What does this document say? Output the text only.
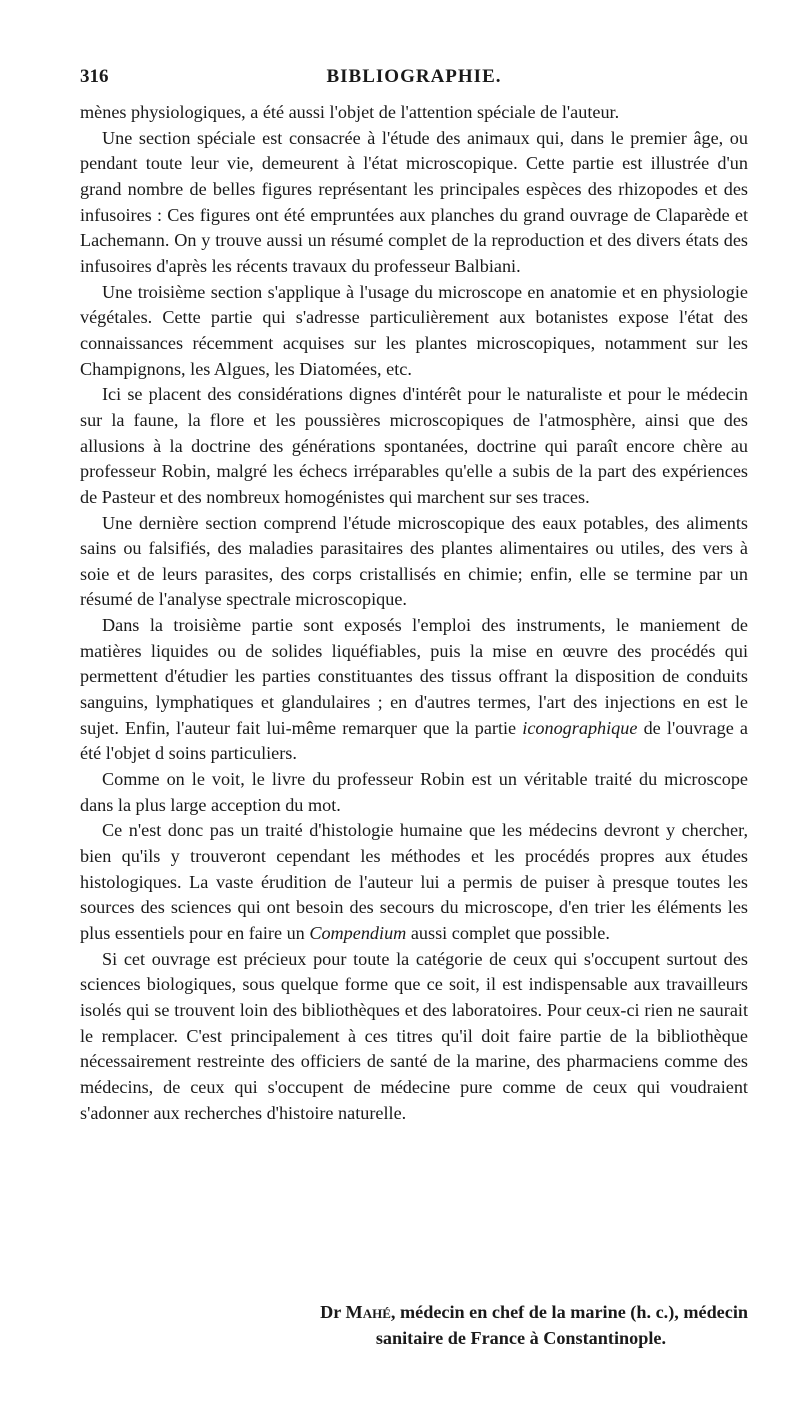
316	BIBLIOGRAPHIE.

mènes physiologiques, a été aussi l'objet de l'attention spéciale de l'auteur.

Une section spéciale est consacrée à l'étude des animaux qui, dans le premier âge, ou pendant toute leur vie, demeurent à l'état microscopique. Cette partie est illustrée d'un grand nombre de belles figures représentant les principales espèces des rhizopodes et des infusoires : Ces figures ont été empruntées aux planches du grand ouvrage de Claparède et Lachemann. On y trouve aussi un résumé complet de la reproduction et des divers états des infusoires d'après les récents travaux du professeur Balbiani.

Une troisième section s'applique à l'usage du microscope en anatomie et en physiologie végétales. Cette partie qui s'adresse particulièrement aux botanistes expose l'état des connaissances récemment acquises sur les plantes microscopiques, notamment sur les Champignons, les Algues, les Diatomées, etc.

Ici se placent des considérations dignes d'intérêt pour le naturaliste et pour le médecin sur la faune, la flore et les poussières microscopiques de l'atmosphère, ainsi que des allusions à la doctrine des générations spontanées, doctrine qui paraît encore chère au professeur Robin, malgré les échecs irréparables qu'elle a subis de la part des expériences de Pasteur et des nombreux homogénistes qui marchent sur ses traces.

Une dernière section comprend l'étude microscopique des eaux potables, des aliments sains ou falsifiés, des maladies parasitaires des plantes alimentaires ou utiles, des vers à soie et de leurs parasites, des corps cristallisés en chimie; enfin, elle se termine par un résumé de l'analyse spectrale microscopique.

Dans la troisième partie sont exposés l'emploi des instruments, le maniement de matières liquides ou de solides liquéfiables, puis la mise en œuvre des procédés qui permettent d'étudier les parties constituantes des tissus offrant la disposition de conduits sanguins, lymphatiques et glandulaires ; en d'autres termes, l'art des injections en est le sujet. Enfin, l'auteur fait lui-même remarquer que la partie iconographique de l'ouvrage a été l'objet d soins particuliers.

Comme on le voit, le livre du professeur Robin est un véritable traité du microscope dans la plus large acception du mot.

Ce n'est donc pas un traité d'histologie humaine que les médecins devront y chercher, bien qu'ils y trouveront cependant les méthodes et les procédés propres aux études histologiques. La vaste érudition de l'auteur lui a permis de puiser à presque toutes les sources des sciences qui ont besoin des secours du microscope, d'en trier les éléments les plus essentiels pour en faire un Compendium aussi complet que possible.

Si cet ouvrage est précieux pour toute la catégorie de ceux qui s'occupent surtout des sciences biologiques, sous quelque forme que ce soit, il est indispensable aux travailleurs isolés qui se trouvent loin des bibliothèques et des laboratoires. Pour ceux-ci rien ne saurait le remplacer. C'est principalement à ces titres qu'il doit faire partie de la bibliothèque nécessairement restreinte des officiers de santé de la marine, des pharmaciens comme des médecins, de ceux qui s'occupent de médecine pure comme de ceux qui voudraient s'adonner aux recherches d'histoire naturelle.

Dr Mahé, médecin en chef de la marine (h. c.), médecin
sanitaire de France à Constantinople.
